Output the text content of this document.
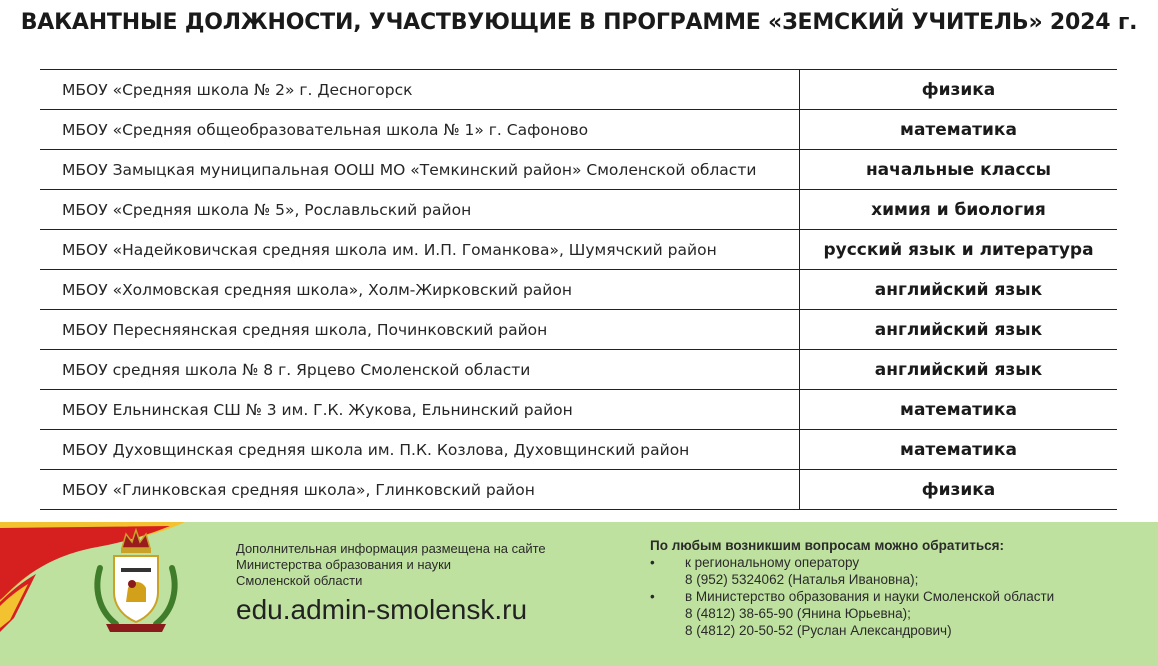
ВАКАНТНЫЕ ДОЛЖНОСТИ, УЧАСТВУЮЩИЕ В ПРОГРАММЕ «ЗЕМСКИЙ УЧИТЕЛЬ» 2024 г.
МБОУ «Средняя школа № 2» г. Десногорск	физика
МБОУ «Средняя общеобразовательная школа № 1» г. Сафоново	математика
МБОУ Замыцкая муниципальная ООШ МО «Темкинский район» Смоленской области	начальные классы
МБОУ «Средняя школа № 5», Рославльский район	химия и биология
МБОУ «Надейковичская средняя школа им. И.П. Гоманкова», Шумячский район	русский язык и литература
МБОУ «Холмовская средняя школа», Холм-Жирковский район	английский язык
МБОУ Пересняянская средняя школа, Починковский район	английский язык
МБОУ средняя школа № 8 г. Ярцево Смоленской области	английский язык
МБОУ Ельнинская СШ № 3 им. Г.К. Жукова, Ельнинский район	математика
МБОУ Духовщинская средняя школа им. П.К. Козлова, Духовщинский район	математика
МБОУ «Глинковская средняя школа», Глинковский район	физика
Дополнительная информация размещена на сайте
Министерства образования и науки
Смоленской области
edu.admin-smolensk.ru
По любым возникшим вопросам можно обратиться:
• к региональному оператору
8 (952) 5324062 (Наталья Ивановна);
• в Министерство образования и науки Смоленской области
8 (4812) 38-65-90 (Янина Юрьевна);
8 (4812) 20-50-52 (Руслан Александрович)
